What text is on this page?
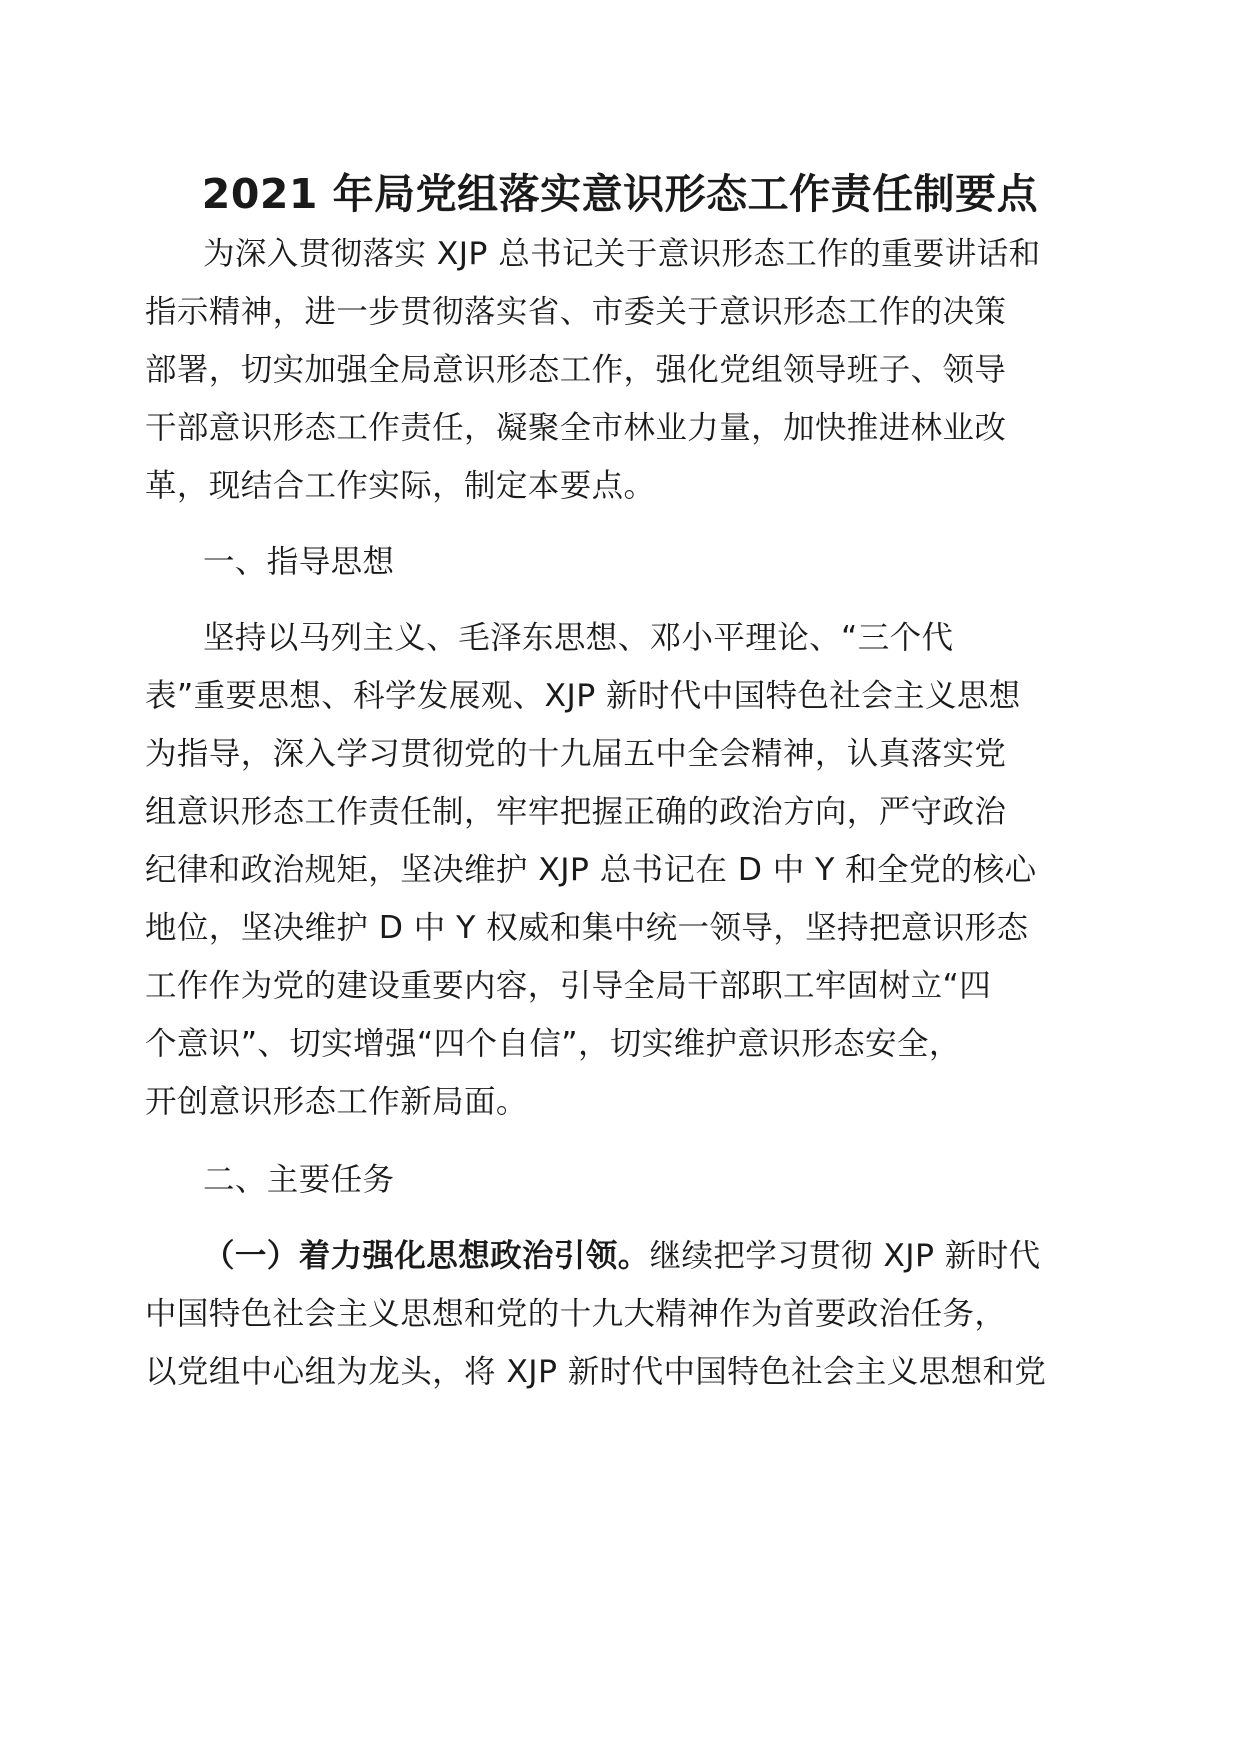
2021 年局党组落实意识形态工作责任制要点
为深入贯彻落实 XJP 总书记关于意识形态工作的重要讲话和
指示精神，进一步贯彻落实省、市委关于意识形态工作的决策
部署，切实加强全局意识形态工作，强化党组领导班子、领导
干部意识形态工作责任，凝聚全市林业力量，加快推进林业改
革，现结合工作实际，制定本要点。
一、指导思想
坚持以马列主义、毛泽东思想、邓小平理论、“三个代
表”重要思想、科学发展观、XJP 新时代中国特色社会主义思想
为指导，深入学习贯彻党的十九届五中全会精神，认真落实党
组意识形态工作责任制，牢牢把握正确的政治方向，严守政治
纪律和政治规矩，坚决维护 XJP 总书记在 D 中 Y 和全党的核心
地位，坚决维护 D 中 Y 权威和集中统一领导，坚持把意识形态
工作作为党的建设重要内容，引导全局干部职工牢固树立“四
个意识”、切实增强“四个自信”，切实维护意识形态安全，
开创意识形态工作新局面。
二、主要任务
（一）着力强化思想政治引领。继续把学习贯彻 XJP 新时代
中国特色社会主义思想和党的十九大精神作为首要政治任务，
以党组中心组为龙头，将 XJP 新时代中国特色社会主义思想和党
